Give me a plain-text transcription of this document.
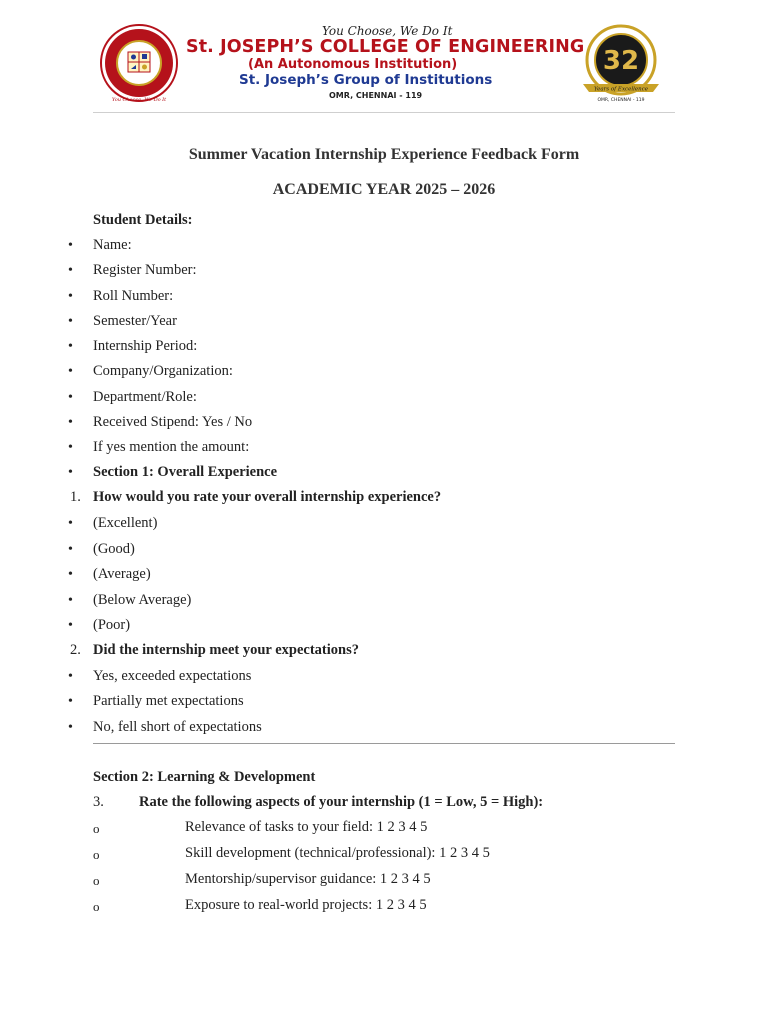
You Choose, We Do It
You Choose, We Do It
St. JOSEPH’S COLLEGE OF ENGINEERING
(An Autonomous Institution)
St. Joseph’s Group of Institutions
OMR, CHENNAI - 119
32
Years of Excellence
OMR, CHENNAI - 119
Summer Vacation Internship Experience Feedback Form
ACADEMIC YEAR 2025 – 2026
Student Details:
• Name:
• Register Number:
• Roll Number:
• Semester/Year
• Internship Period:
• Company/Organization:
• Department/Role:
• Received Stipend: Yes / No
• If yes mention the amount:
• Section 1: Overall Experience
1. How would you rate your overall internship experience?
• (Excellent)
• (Good)
• (Average)
• (Below Average)
• (Poor)
2. Did the internship meet your expectations?
• Yes, exceeded expectations
• Partially met expectations
• No, fell short of expectations
Section 2: Learning & Development
3. Rate the following aspects of your internship (1 = Low, 5 = High):
o	Relevance of tasks to your field: 1 2 3 4 5
o	Skill development (technical/professional): 1 2 3 4 5
o	Mentorship/supervisor guidance: 1 2 3 4 5
o	Exposure to real-world projects: 1 2 3 4 5
